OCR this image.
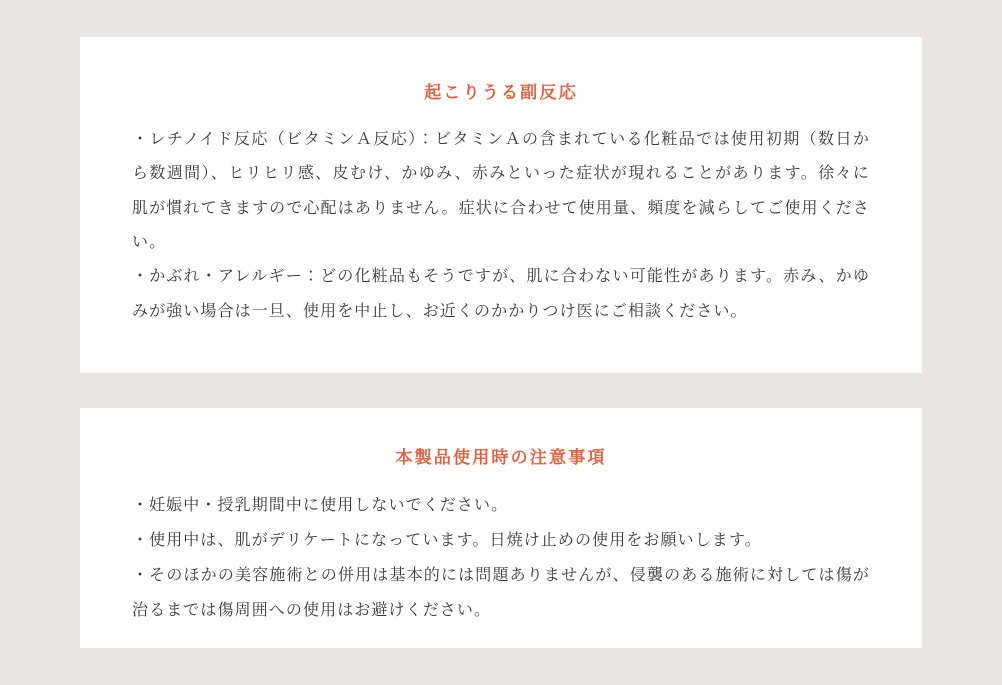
起こりうる副反応

・レチノイド反応（ビタミンＡ反応）：ビタミンＡの含まれている化粧品では使用初期（数日から数週間）、ヒリヒリ感、皮むけ、かゆみ、赤みといった症状が現れることがあります。徐々に肌が慣れてきますので心配はありません。症状に合わせて使用量、頻度を減らしてご使用ください。

・かぶれ・アレルギー：どの化粧品もそうですが、肌に合わない可能性があります。赤み、かゆみが強い場合は一旦、使用を中止し、お近くのかかりつけ医にご相談ください。

本製品使用時の注意事項

・妊娠中・授乳期間中に使用しないでください。

・使用中は、肌がデリケートになっています。日焼け止めの使用をお願いします。

・そのほかの美容施術との併用は基本的には問題ありませんが、侵襲のある施術に対しては傷が治るまでは傷周囲への使用はお避けください。
